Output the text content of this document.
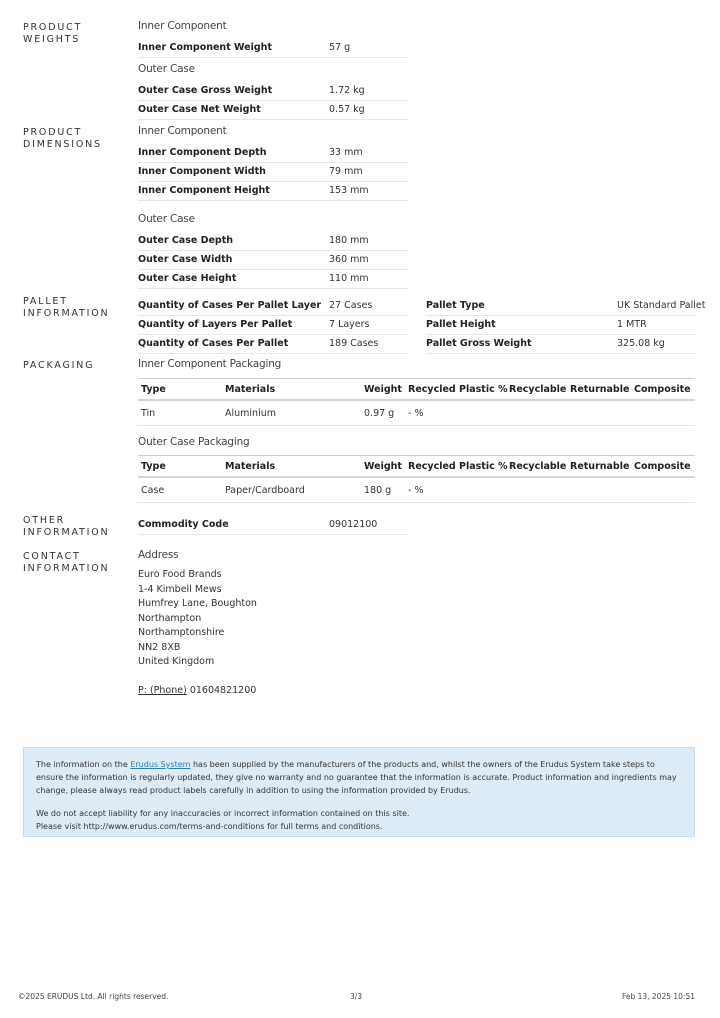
PRODUCT WEIGHTS
PRODUCT DIMENSIONS
PALLET INFORMATION
PACKAGING
OTHER INFORMATION
CONTACT INFORMATION
Inner Component
Inner Component Weight	57 g
Outer Case
Outer Case Gross Weight	1.72 kg
Outer Case Net Weight	0.57 kg
Inner Component
Inner Component Depth	33 mm
Inner Component Width	79 mm
Inner Component Height	153 mm
Outer Case
Outer Case Depth	180 mm
Outer Case Width	360 mm
Outer Case Height	110 mm
Quantity of Cases Per Pallet Layer 27 Cases
Quantity of Layers Per Pallet	7 Layers
Quantity of Cases Per Pallet	189 Cases
Pallet Type	UK Standard Pallet
Pallet Height	1 MTR
Pallet Gross Weight	325.08 kg
Inner Component Packaging
Type	Materials	Weight	Recycled Plastic %	Recyclable	Returnable	Composite
Tin	Aluminium	0.97 g	- %			
Outer Case Packaging
Type	Materials	Weight	Recycled Plastic %	Recyclable	Returnable	Composite
Case	Paper/Cardboard	180 g	- %			
Commodity Code	09012100
Address
Euro Food Brands
1-4 Kimbell Mews
Humfrey Lane, Boughton
Northampton
Northamptonshire
NN2 8XB
United Kingdom
P: (Phone) 01604821200

The information on the Erudus System has been supplied by the manufacturers of the products and, whilst the owners of the Erudus System take steps to ensure the information is regularly updated, they give no warranty and no guarantee that the information is accurate. Product information and ingredients may change, please always read product labels carefully in addition to using the information provided by Erudus.

We do not accept liability for any inaccuracies or incorrect information contained on this site.
Please visit http://www.erudus.com/terms-and-conditions for full terms and conditions.

©2025 ERUDUS Ltd. All rights reserved.	3/3	Feb 13, 2025 10:51
